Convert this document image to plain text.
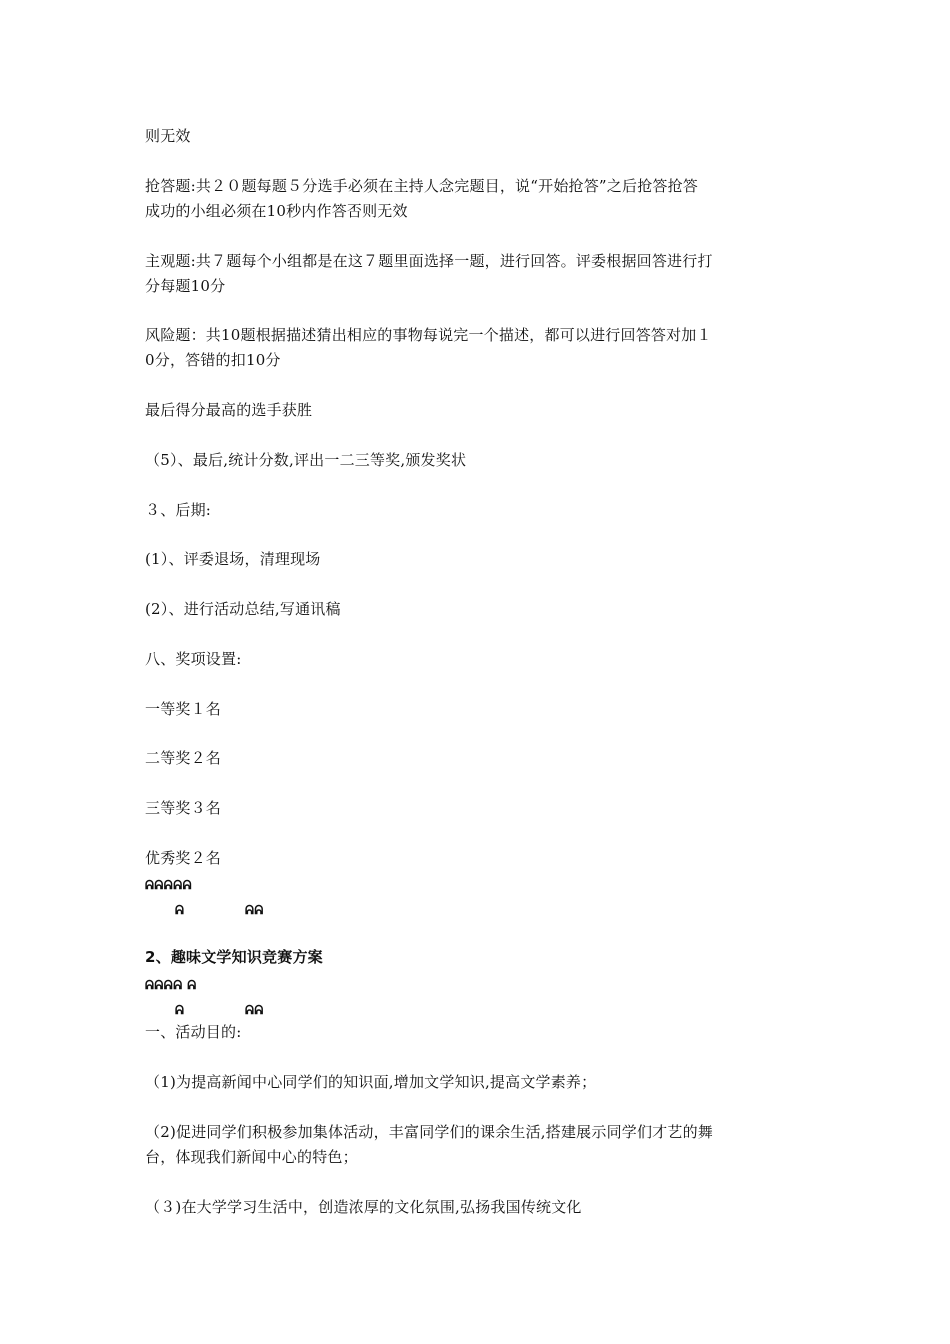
则无效
抢答题:共２０题每题５分选手必须在主持人念完题目，说“开始抢答”之后抢答抢答
成功的小组必须在10秒内作答否则无效
主观题:共７题每个小组都是在这７题里面选择一题，进行回答。评委根据回答进行打
分每题10分
风险题：共10题根据描述猜出相应的事物每说完一个描述，都可以进行回答答对加１
0分，答错的扣10分
最后得分最高的选手获胜
（5）、最后,统计分数,评出一二三等奖,颁发奖状
３、后期:
(1）、评委退场，清理现场
(2）、进行活动总结,写通讯稿
八、奖项设置:
一等奖１名
二等奖２名
三等奖３名
优秀奖２名
ᕱᕱᕱᕱᕱ
ᕱ	ᕱᕱ
2、趣味文学知识竞赛方案
ᕱᕱᕱᕱ ᕱ
ᕱ	ᕱᕱ
一、活动目的:
（1)为提高新闻中心同学们的知识面,增加文学知识,提高文学素养；
（2)促进同学们积极参加集体活动，丰富同学们的课余生活,搭建展示同学们才艺的舞
台，体现我们新闻中心的特色；
（３)在大学学习生活中，创造浓厚的文化氛围,弘扬我国传统文化
